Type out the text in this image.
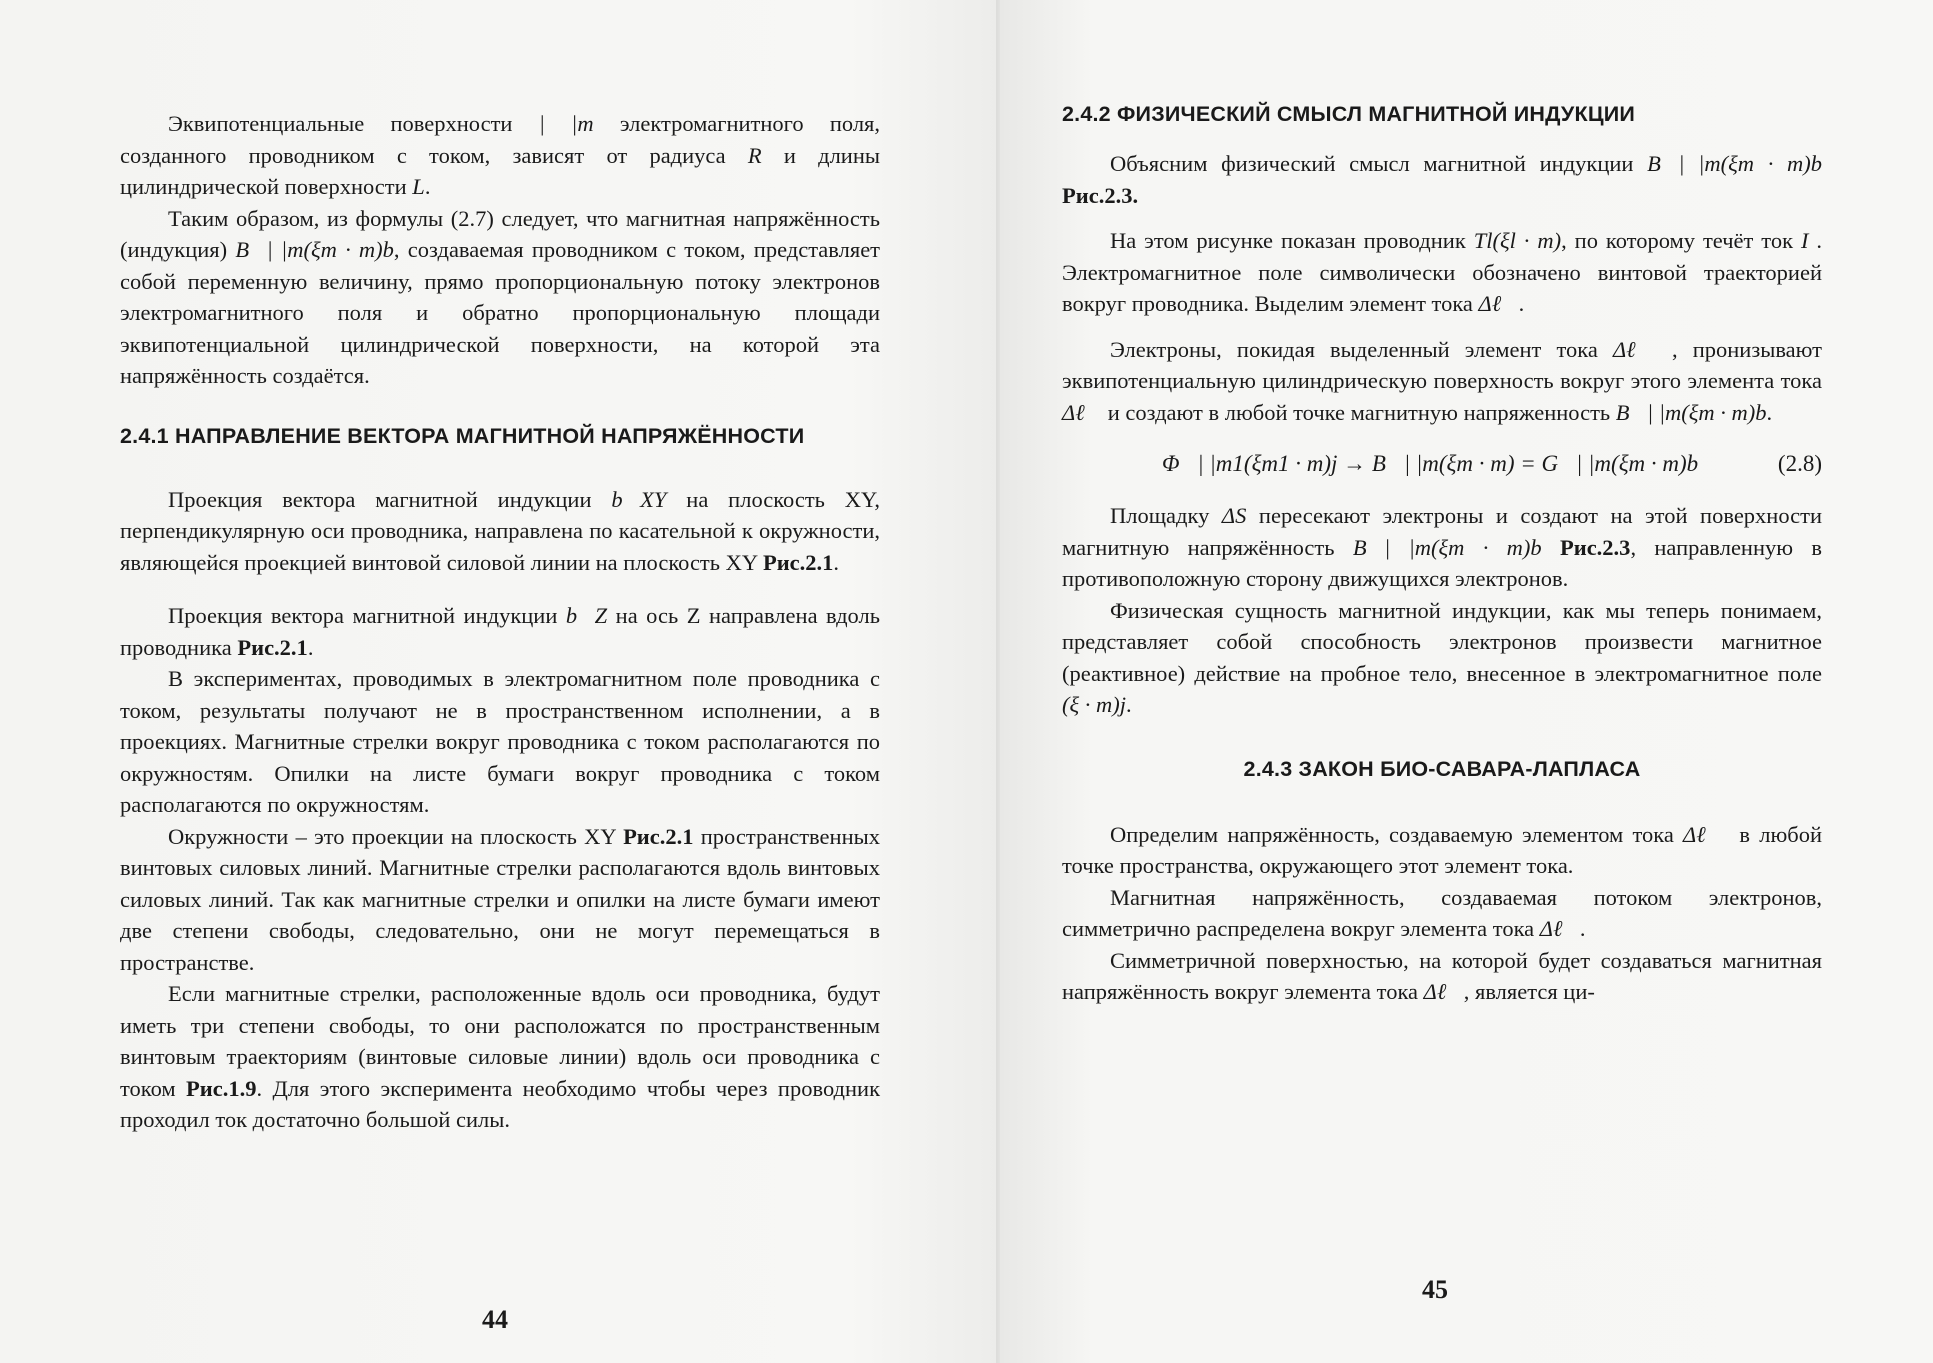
Эквипотенциальные поверхности | |т электромагнитного поля, созданного проводником с током, зависят от радиуса R и длины цилиндрической поверхности L.

Таким образом, из формулы (2.7) следует, что магнитная напряжённость (индукция) B⃗| |т(ξт · m)b, создаваемая проводником с током, представляет собой переменную величину, прямо пропорциональную потоку электронов электромагнитного поля и обратно пропорциональную площади эквипотенциальной цилиндрической поверхности, на которой эта напряжённость создаётся.

2.4.1 НАПРАВЛЕНИЕ ВЕКТОРА МАГНИТНОЙ НАПРЯЖЁННОСТИ

Проекция вектора магнитной индукции b⃗XY на плоскость XY, перпендикулярную оси проводника, направлена по касательной к окружности, являющейся проекцией винтовой силовой линии на плоскость XY Рис.2.1.

Проекция вектора магнитной индукции b⃗Z на ось Z направлена вдоль проводника Рис.2.1.

В экспериментах, проводимых в электромагнитном поле проводника с током, результаты получают не в пространственном исполнении, а в проекциях. Магнитные стрелки вокруг проводника с током располагаются по окружностям. Опилки на листе бумаги вокруг проводника с током располагаются по окружностям.

Окружности – это проекции на плоскость XY Рис.2.1 пространственных винтовых силовых линий. Магнитные стрелки располагаются вдоль винтовых силовых линий. Так как магнитные стрелки и опилки на листе бумаги имеют две степени свободы, следовательно, они не могут перемещаться в пространстве.

Если магнитные стрелки, расположенные вдоль оси проводника, будут иметь три степени свободы, то они расположатся по пространственным винтовым траекториям (винтовые силовые линии) вдоль оси проводника с током Рис.1.9. Для этого эксперимента необходимо чтобы через проводник проходил ток достаточно большой силы.

44
2.4.2 ФИЗИЧЕСКИЙ СМЫСЛ МАГНИТНОЙ ИНДУКЦИИ

Объясним физический смысл магнитной индукции B⃗| |т(ξт · m)b Рис.2.3.

На этом рисунке показан проводник Tl(ξl · m), по которому течёт ток I . Электромагнитное поле символически обозначено винтовой траекторией вокруг проводника. Выделим элемент тока Δℓ⃗.

Электроны, покидая выделенный элемент тока Δℓ⃗, пронизывают эквипотенциальную цилиндрическую поверхность вокруг этого элемента тока Δℓ⃗ и создают в любой точке магнитную напряженность B⃗| |т(ξт · m)b.

Φ⃗| |т1(ξт1 · m)j → B⃗| |т(ξт · m) = G⃗| |т(ξт · m)b	(2.8)

Площадку ΔS пересекают электроны и создают на этой поверхности магнитную напряжённость B⃗| |т(ξт · m)b Рис.2.3, направленную в противоположную сторону движущихся электронов.

Физическая сущность магнитной индукции, как мы теперь понимаем, представляет собой способность электронов произвести магнитное (реактивное) действие на пробное тело, внесенное в электромагнитное поле (ξ · m)j.

2.4.3 ЗАКОН БИО-САВАРА-ЛАПЛАСА

Определим напряжённость, создаваемую элементом тока Δℓ⃗ в любой точке пространства, окружающего этот элемент тока.

Магнитная напряжённость, создаваемая потоком электронов, симметрично распределена вокруг элемента тока Δℓ⃗.

Симметричной поверхностью, на которой будет создаваться магнитная напряжённость вокруг элемента тока Δℓ⃗, является ци-

45
